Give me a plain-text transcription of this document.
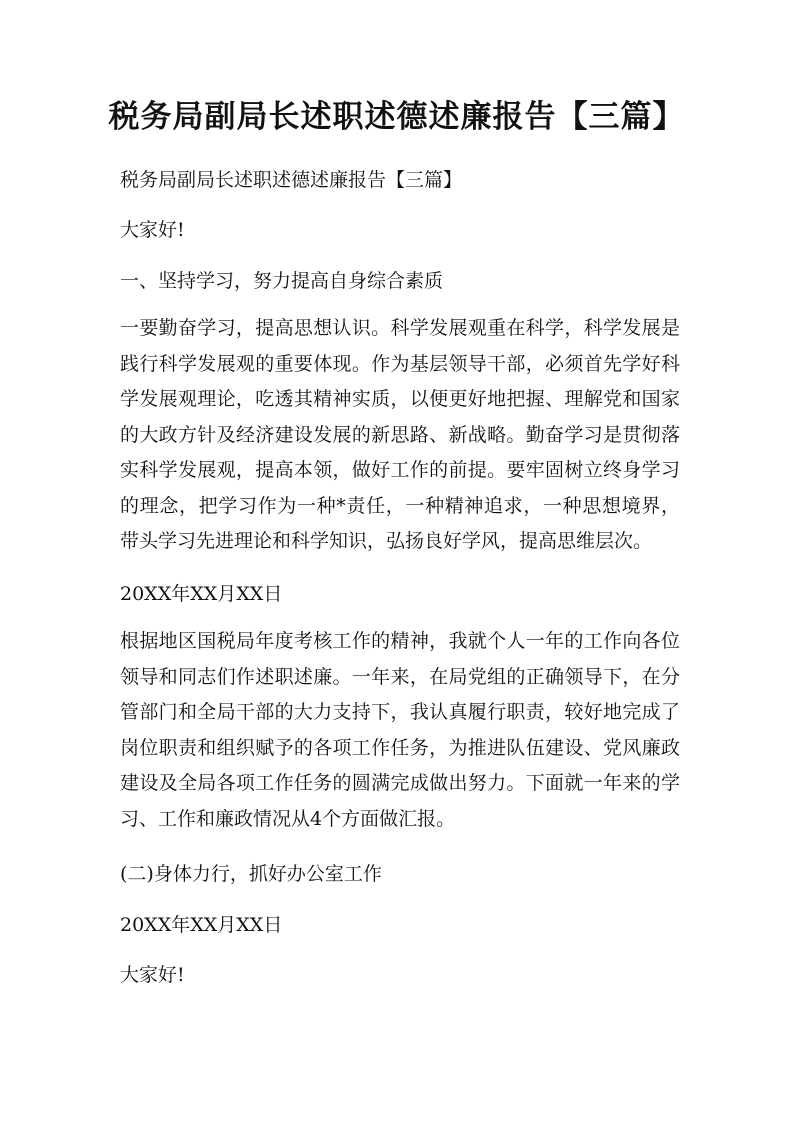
税务局副局长述职述德述廉报告【三篇】

税务局副局长述职述德述廉报告【三篇】

大家好!

一、坚持学习，努力提高自身综合素质

一要勤奋学习，提高思想认识。科学发展观重在科学，科学发展是践行科学发展观的重要体现。作为基层领导干部，必须首先学好科学发展观理论，吃透其精神实质，以便更好地把握、理解党和国家的大政方针及经济建设发展的新思路、新战略。勤奋学习是贯彻落实科学发展观，提高本领，做好工作的前提。要牢固树立终身学习的理念，把学习作为一种*责任，一种精神追求，一种思想境界，带头学习先进理论和科学知识，弘扬良好学风，提高思维层次。

20XX年XX月XX日

根据地区国税局年度考核工作的精神，我就个人一年的工作向各位领导和同志们作述职述廉。一年来，在局党组的正确领导下，在分管部门和全局干部的大力支持下，我认真履行职责，较好地完成了岗位职责和组织赋予的各项工作任务，为推进队伍建设、党风廉政建设及全局各项工作任务的圆满完成做出努力。下面就一年来的学习、工作和廉政情况从4个方面做汇报。

(二)身体力行，抓好办公室工作

20XX年XX月XX日

大家好!
